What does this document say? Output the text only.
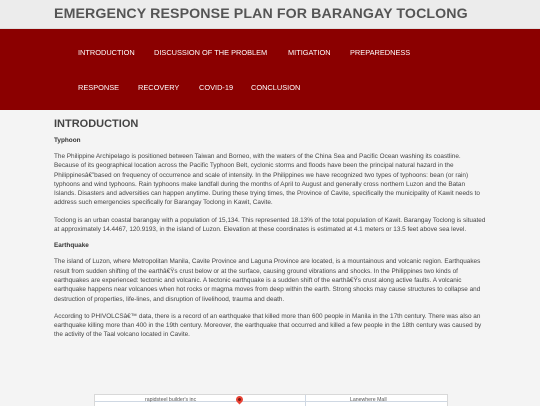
EMERGENCY RESPONSE PLAN FOR BARANGAY TOCLONG
INTRODUCTION	DISCUSSION OF THE PROBLEM	MITIGATION	PREPAREDNESS
RESPONSE	RECOVERY	COVID-19 CONCLUSION
INTRODUCTION

Typhoon

The Philippine Archipelago is positioned between Taiwan and Borneo, with the waters of the China Sea and Pacific Ocean washing its coastline. Because of its geographical location across the Pacific Typhoon Belt, cyclonic storms and floods have been the principal natural hazard in the Philippinesâ€”based on frequency of occurrence and scale of intensity. In the Philippines we have recognized two types of typhoons: bean (or rain) typhoons and wind typhoons. Rain typhoons make landfall during the months of April to August and generally cross northern Luzon and the Batan Islands. Disasters and adversities can happen anytime. During these trying times, the Province of Cavite, specifically the municipality of Kawit needs to address such emergencies specifically for Barangay Toclong in Kawit, Cavite.

Toclong is an urban coastal barangay with a population of 15,134. This represented 18.13% of the total population of Kawit. Barangay Toclong is situated at approximately 14.4467, 120.9193, in the island of Luzon. Elevation at these coordinates is estimated at 4.1 meters or 13.5 feet above sea level.

Earthquake

The island of Luzon, where Metropolitan Manila, Cavite Province and Laguna Province are located, is a mountainous and volcanic region. Earthquakes result from sudden shifting of the earthâ€Ÿs crust below or at the surface, causing ground vibrations and shocks. In the Philippines two kinds of earthquakes are experienced: tectonic and volcanic. A tectonic earthquake is a sudden shift of the earthâ€Ÿs crust along active faults. A volcanic earthquake happens near volcanoes when hot rocks or magma moves from deep within the earth. Strong shocks may cause structures to collapse and destruction of properties, life-lines, and disruption of livelihood, trauma and death.

According to PHIVOLCSâ€™ data, there is a record of an earthquake that killed more than 600 people in Manila in the 17th century. There was also an earthquake killing more than 400 in the 19th century. Moreover, the earthquake that occurred and killed a few people in the 18th century was caused by the activity of the Taal volcano located in Cavite.

rapidsteel builder's inc	Lanewhere Mall
